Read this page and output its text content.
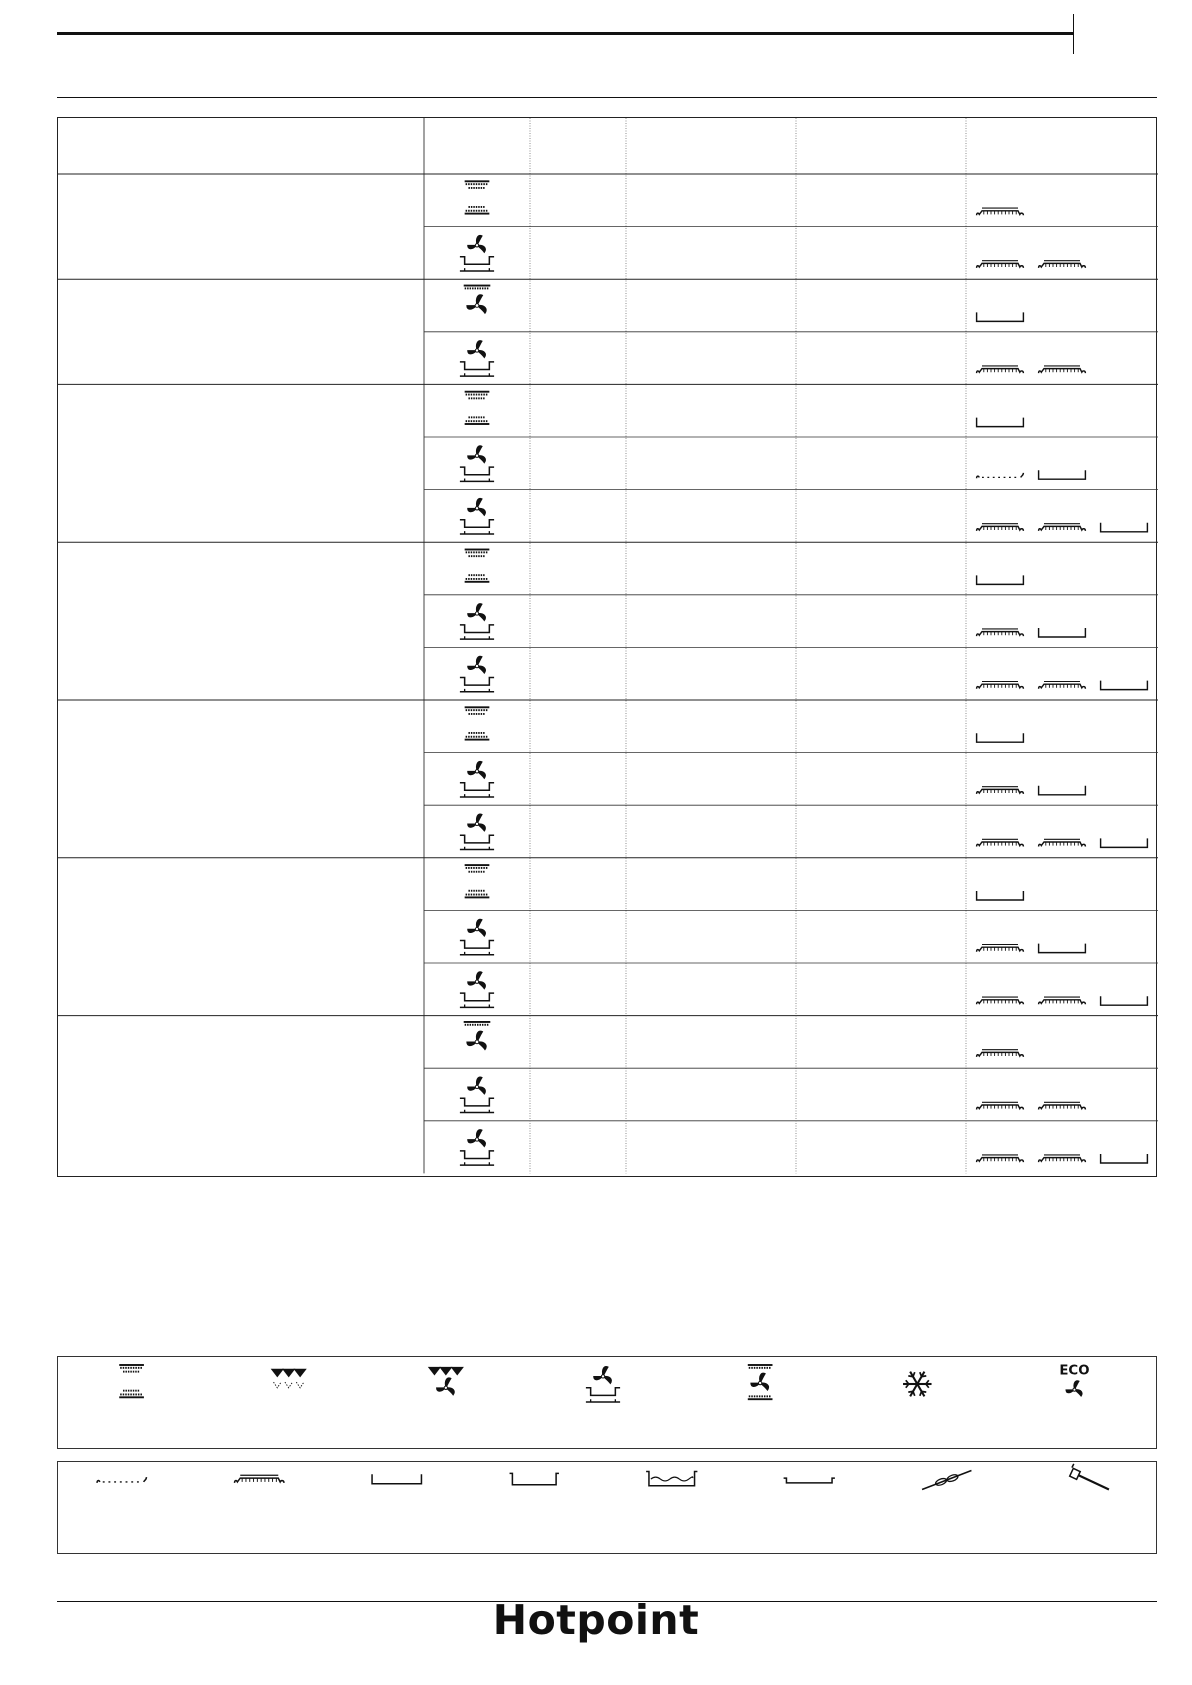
ECO
Hotpoint
